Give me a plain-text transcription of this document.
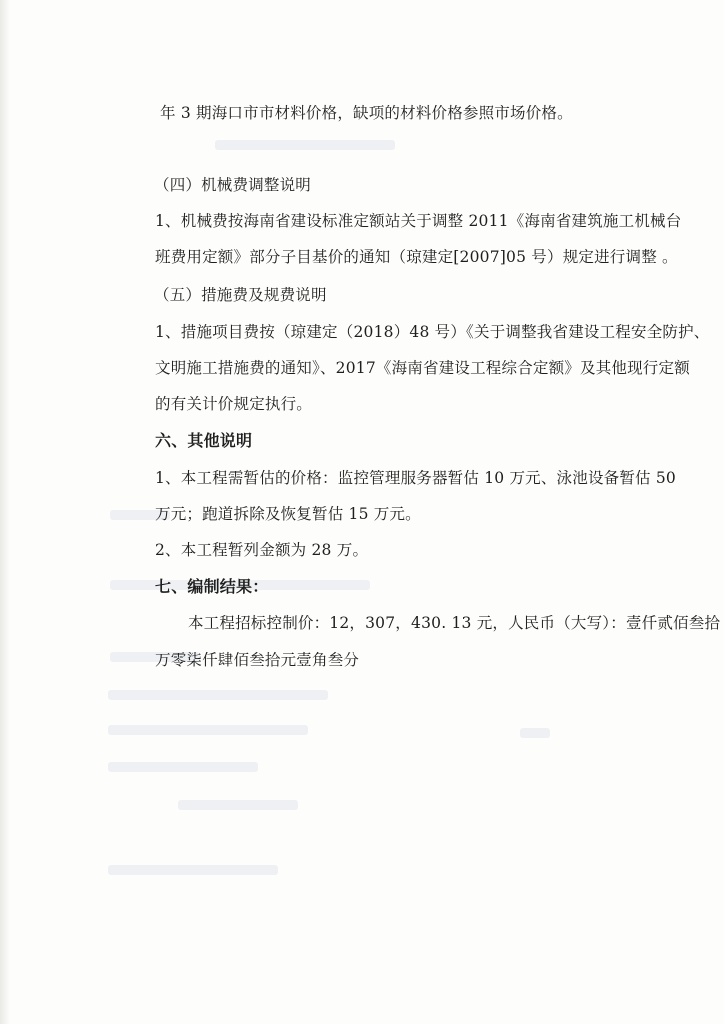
年 3 期海口市市材料价格，缺项的材料价格参照市场价格。
（四）机械费调整说明
1、机械费按海南省建设标准定额站关于调整 2011《海南省建筑施工机械台
班费用定额》部分子目基价的通知（琼建定[2007]05 号）规定进行调整 。
（五）措施费及规费说明
1、措施项目费按（琼建定（2018）48 号）《关于调整我省建设工程安全防护、
文明施工措施费的通知》、2017《海南省建设工程综合定额》及其他现行定额
的有关计价规定执行。
六、其他说明
1、本工程需暂估的价格：监控管理服务器暂估 10 万元、泳池设备暂估 50
万元；跑道拆除及恢复暂估 15 万元。
2、本工程暂列金额为 28 万。
七、编制结果：
本工程招标控制价：12，307，430. 13 元，人民币（大写）：壹仟贰佰叁拾
万零柒仟肆佰叁拾元壹角叁分
